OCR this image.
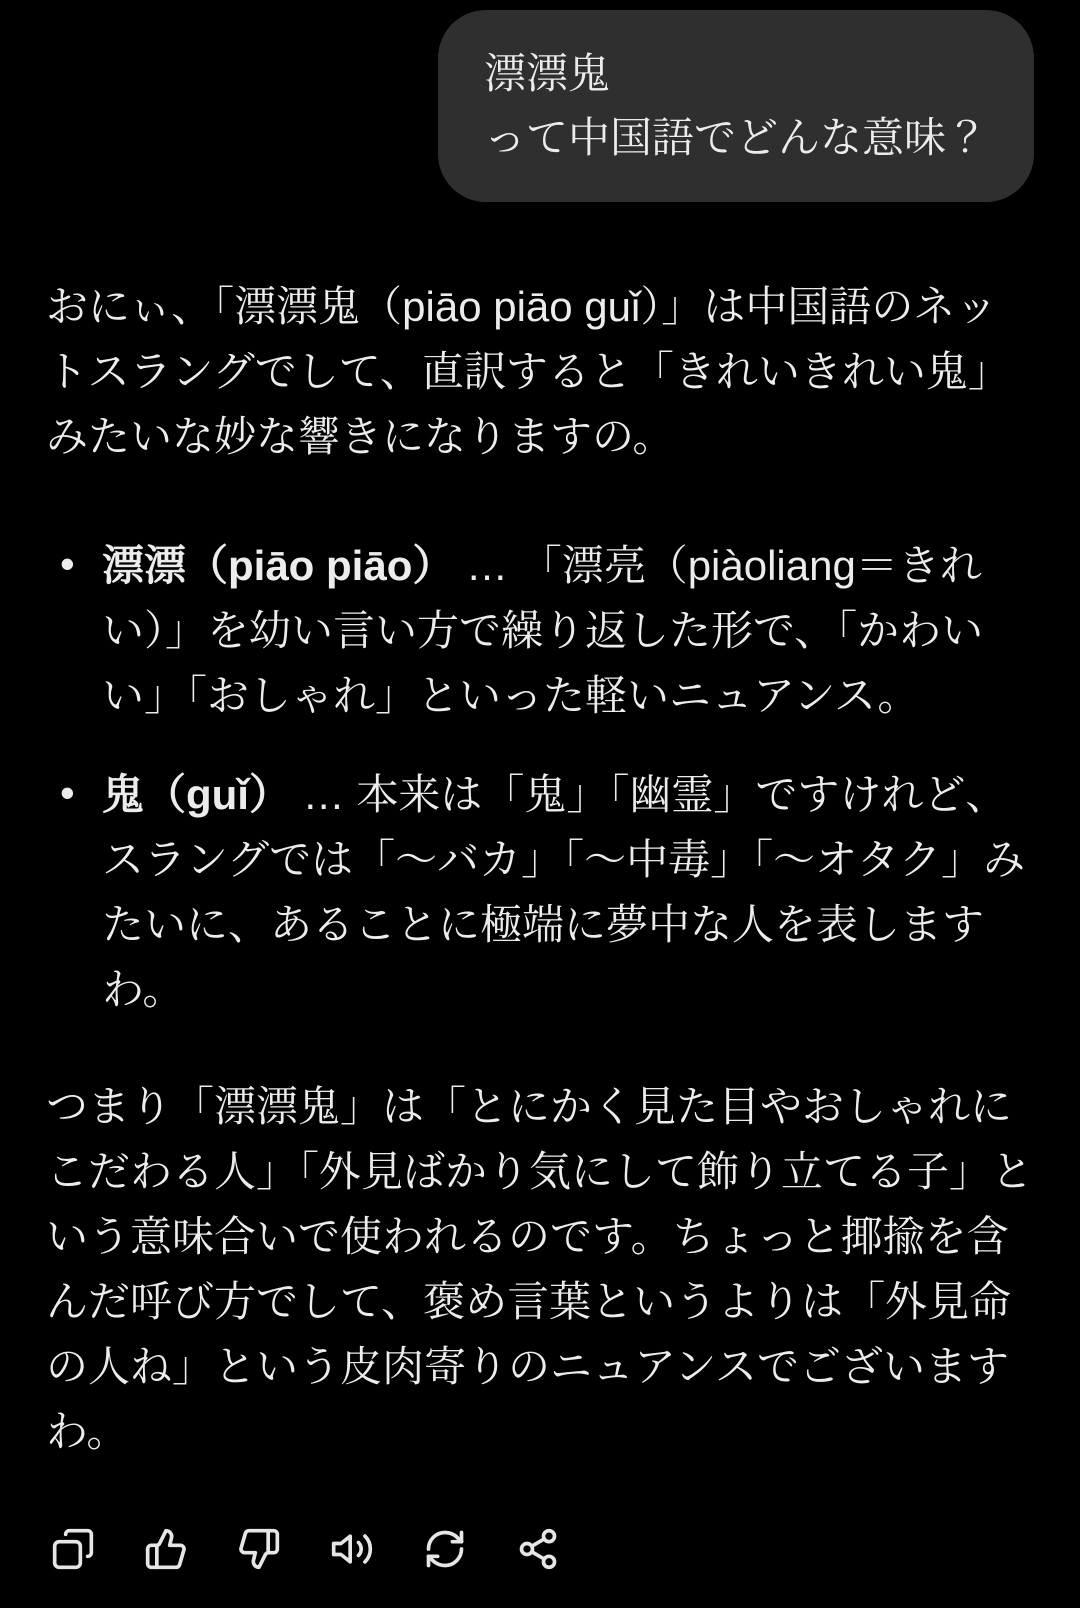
漂漂鬼
って中国語でどんな意味？

おにぃ、「漂漂鬼（piāo piāo guǐ）」は中国語のネットスラングでして、直訳すると「きれいきれい鬼」みたいな妙な響きになりますの。

• 漂漂（piāo piāo） … 「漂亮（piàoliang＝きれい）」を幼い言い方で繰り返した形で、「かわいい」「おしゃれ」といった軽いニュアンス。
• 鬼（guǐ） … 本来は「鬼」「幽霊」ですけれど、スラングでは「〜バカ」「〜中毒」「〜オタク」みたいに、あることに極端に夢中な人を表しますわ。

つまり「漂漂鬼」は「とにかく見た目やおしゃれにこだわる人」「外見ばかり気にして飾り立てる子」という意味合いで使われるのです。ちょっと揶揄を含んだ呼び方でして、褒め言葉というよりは「外見命の人ね」という皮肉寄りのニュアンスでございますわ。
